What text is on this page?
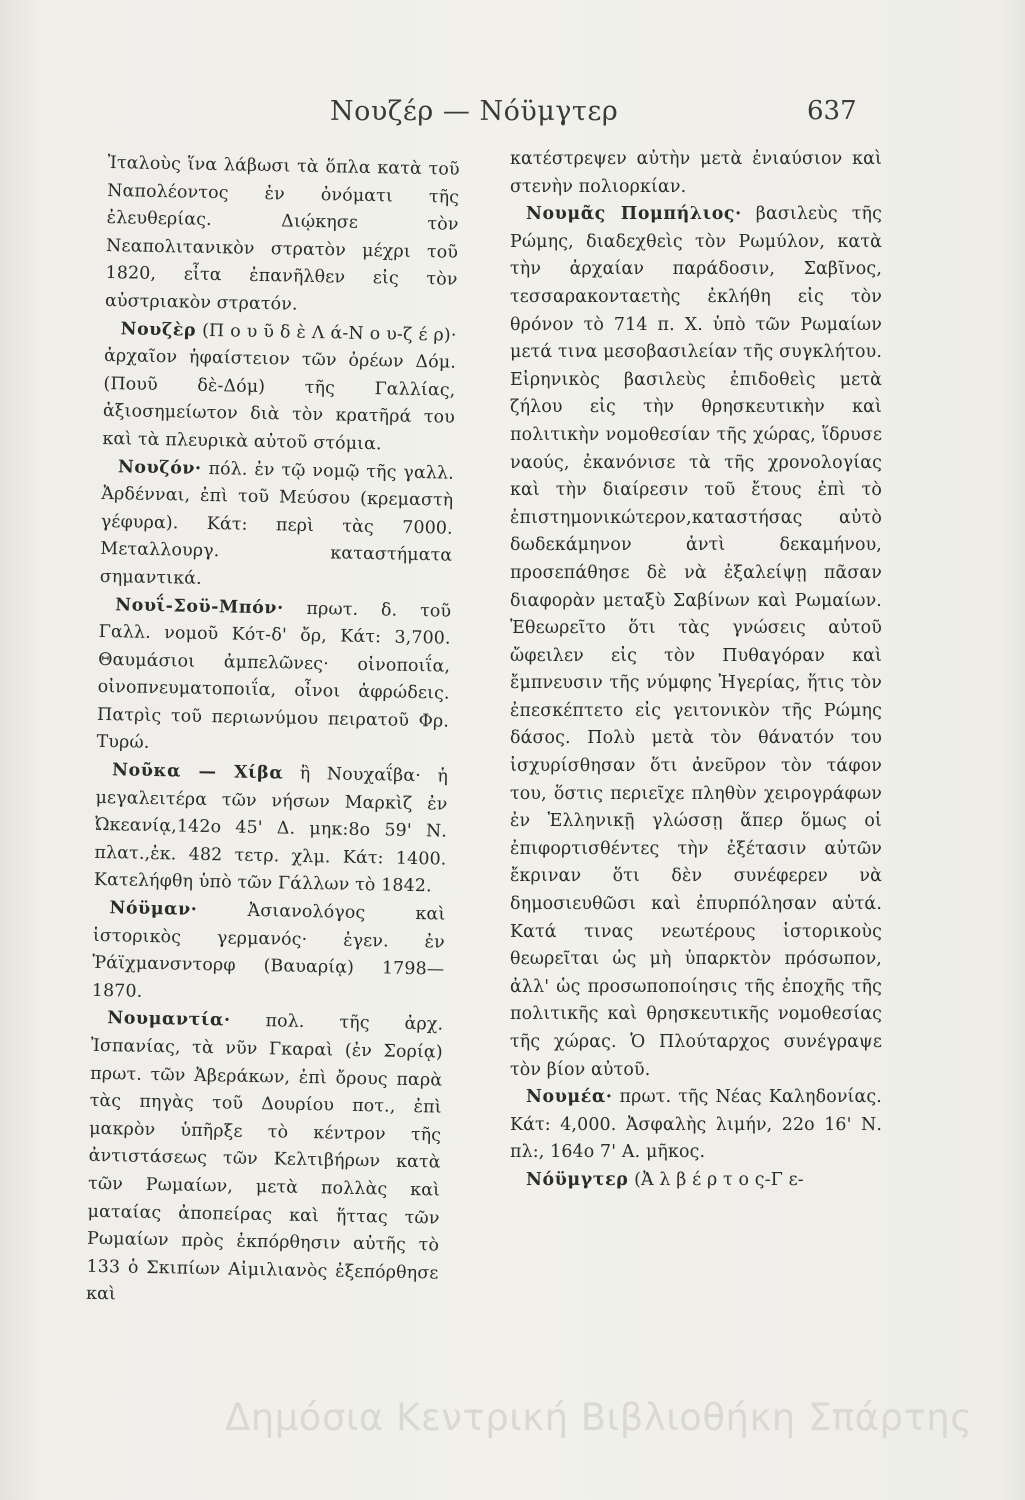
Νουζέρ — Νόϋμγτερ	637

Ἰταλοὺς ἵνα λάβωσι τὰ ὅπλα κατὰ τοῦ Ναπολέοντος ἐν ὀνόματι τῆς ἐλευθερίας. Διῴκησε τὸν Νεαπολιτανικὸν στρατὸν μέχρι τοῦ 1820, εἶτα ἐπανῆλθεν εἰς τὸν αὐστριακὸν στρατόν.

Νουζὲρ (Π ο υ ῦ δ ὲ Λ ά-Ν ο υ-ζ έ ρ)· ἀρχαῖον ἡφαίστειον τῶν ὀρέων Δόμ. (Πουῦ δὲ-Δόμ) τῆς Γαλλίας, ἀξιοσημείωτον διὰ τὸν κρατῆρά του καὶ τὰ πλευρικὰ αὐτοῦ στόμια.

Νουζόν· πόλ. ἐν τῷ νομῷ τῆς γαλλ. Ἀρδένναι, ἐπὶ τοῦ Μεύσου (κρεμαστὴ γέφυρα). Κάτ: περὶ τὰς 7000. Μεταλλουργ. καταστήματα σημαντικά.

Νουΐ-Σοϋ-Μπόν· πρωτ. δ. τοῦ Γαλλ. νομοῦ Κότ-δ' ὄρ, Κάτ: 3,700. Θαυμάσιοι ἀμπελῶνες· οἰνοποιΐα, οἰνοπνευματοποιΐα, οἶνοι ἀφρώδεις. Πατρὶς τοῦ περιωνύμου πειρατοῦ Φρ. Τυρώ.

Νοῦκα — Χίβα ἢ Νουχαΐβα· ἡ μεγαλειτέρα τῶν νήσων Μαρκὶζ ἐν Ὠκεανίᾳ,142ο 45' Δ. μηκ:8ο 59' Ν. πλατ.,ἐκ. 482 τετρ. χλμ. Κάτ: 1400. Κατελήφθη ὑπὸ τῶν Γάλλων τὸ 1842.

Νόϋμαν·	Ἀσιανολόγος καὶ ἱστορικὸς γερμανός· ἐγεν. ἐν Ῥάϊχμανσντορφ (Βαυαρίᾳ) 1798—1870.

Νουμαντία· πολ. τῆς ἀρχ. Ἰσπανίας, τὰ νῦν Γκαραὶ (ἐν Σορίᾳ) πρωτ. τῶν Ἀβεράκων, ἐπὶ ὄρους παρὰ τὰς πηγὰς τοῦ Δουρίου ποτ., ἐπὶ μακρὸν ὑπῆρξε τὸ κέντρον τῆς ἀντιστάσεως τῶν Κελτιβήρων κατὰ τῶν Ρωμαίων, μετὰ πολλὰς καὶ ματαίας ἀποπείρας καὶ ἥττας τῶν Ρωμαίων πρὸς ἐκπόρθησιν αὐτῆς τὸ 133 ὁ Σκιπίων Αἰμιλιανὸς ἐξεπόρθησε καὶ

κατέστρεψεν αὐτὴν μετὰ ἐνιαύσιον καὶ στενὴν πολιορκίαν.

Νουμᾶς Πομπήλιος· βασιλεὺς τῆς Ρώμης, διαδεχθεὶς τὸν Ρωμύλον, κατὰ τὴν ἀρχαίαν παράδοσιν, Σαβῖνος, τεσσαρακονταετὴς ἐκλήθη εἰς τὸν θρόνον τὸ 714 π. Χ. ὑπὸ τῶν Ρωμαίων μετά τινα μεσοβασιλείαν τῆς συγκλήτου. Εἰρηνικὸς βασιλεὺς ἐπιδοθεὶς μετὰ ζήλου εἰς τὴν θρησκευτικὴν καὶ πολιτικὴν νομοθεσίαν τῆς χώρας, ἵδρυσε ναούς, ἐκανόνισε τὰ τῆς χρονολογίας καὶ τὴν διαίρεσιν τοῦ ἔτους ἐπὶ τὸ ἐπιστημονικώτερον,καταστήσας αὐτὸ δωδεκάμηνον ἀντὶ δεκαμήνου, προσεπάθησε δὲ νὰ ἐξαλείψῃ πᾶσαν διαφορὰν μεταξὺ Σαβίνων καὶ Ρωμαίων. Ἐθεωρεῖτο ὅτι τὰς γνώσεις αὐτοῦ ὤφειλεν εἰς τὸν Πυθαγόραν καὶ ἔμπνευσιν τῆς νύμφης Ἠγερίας, ἥτις τὸν ἐπεσκέπτετο εἰς γειτονικὸν τῆς Ρώμης δάσος. Πολὺ μετὰ τὸν θάνατόν του ἰσχυρίσθησαν ὅτι ἀνεῦρον τὸν τάφον του, ὅστις περιεῖχε πληθὺν χειρογράφων ἐν Ἑλληνικῇ γλώσσῃ ἅπερ ὅμως οἱ ἐπιφορτισθέντες τὴν ἐξέτασιν αὐτῶν ἔκριναν ὅτι δὲν συνέφερεν νὰ δημοσιευθῶσι καὶ ἐπυρπόλησαν αὐτά. Κατά τινας νεωτέρους ἱστορικοὺς θεωρεῖται ὡς μὴ ὑπαρκτὸν πρόσωπον, ἀλλ' ὡς προσωποποίησις τῆς ἐποχῆς τῆς πολιτικῆς καὶ θρησκευτικῆς νομοθεσίας τῆς χώρας. Ὁ Πλούταρχος συνέγραψε τὸν βίον αὐτοῦ.

Νουμέα· πρωτ. τῆς Νέας Καληδονίας. Κάτ: 4,000. Ἀσφαλὴς λιμήν, 22ο 16' Ν. πλ:, 164ο 7' Α. μῆκος.

Νόϋμγτερ (Ἀ λ β έ ρ τ ο ς-Γ ε-

Δημόσια Κεντρική Βιβλιοθήκη Σπάρτης
